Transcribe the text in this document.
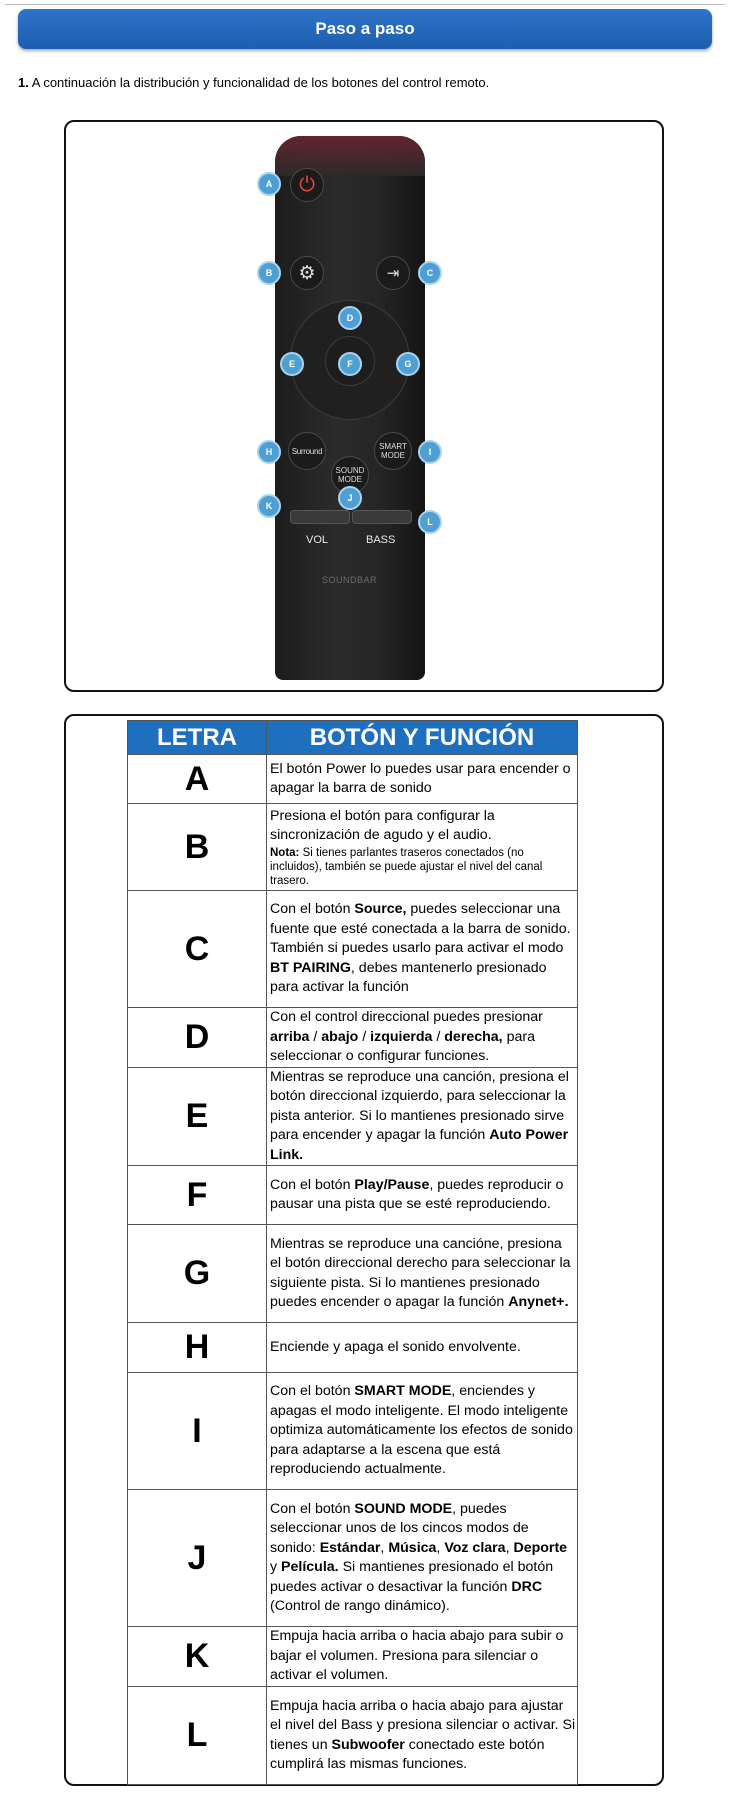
Paso a paso
1. A continuación la distribución y funcionalidad de los botones del control remoto.
⏻
⚙	⇥
Surround	SMART
MODE
SOUND
MODE
VOL	BASS
SOUNDBAR
A
B	C
D
E	F	G
H	I
J
K
L
LETRA	BOTÓN Y FUNCIÓN
A	El botón Power lo puedes usar para encender o apagar la barra de sonido
B	Presiona el botón para configurar la sincronización de agudo y el audio.
Nota: Si tienes parlantes traseros conectados (no incluidos), también se puede ajustar el nivel del canal trasero.

C	Con el botón Source, puedes seleccionar una fuente que esté conectada a la barra de sonido. También si puedes usarlo para activar el modo BT PAIRING, debes mantenerlo presionado para activar la función
D	Con el control direccional puedes presionar arriba / abajo / izquierda / derecha, para seleccionar o configurar funciones.
E	Mientras se reproduce una canción, presiona el botón direccional izquierdo, para seleccionar la pista anterior. Si lo mantienes presionado sirve para encender y apagar la función Auto Power Link.
F	Con el botón Play/Pause, puedes reproducir o pausar una pista que se esté reproduciendo.
G	Mientras se reproduce una cancióne, presiona el botón direccional derecho para seleccionar la siguiente pista. Si lo mantienes presionado puedes encender o apagar la función Anynet+.
H	Enciende y apaga el sonido envolvente.
I	Con el botón SMART MODE, enciendes y apagas el modo inteligente. El modo inteligente optimiza automáticamente los efectos de sonido para adaptarse a la escena que está reproduciendo actualmente.
J	Con el botón SOUND MODE, puedes seleccionar unos de los cincos modos de sonido: Estándar, Música, Voz clara, Deporte y Película. Si mantienes presionado el botón puedes activar o desactivar la función DRC (Control de rango dinámico).
K	Empuja hacia arriba o hacia abajo para subir o bajar el volumen. Presiona para silenciar o activar el volumen.
L	Empuja hacia arriba o hacia abajo para ajustar el nivel del Bass y presiona silenciar o activar. Si tienes un Subwoofer conectado este botón cumplirá las mismas funciones.
